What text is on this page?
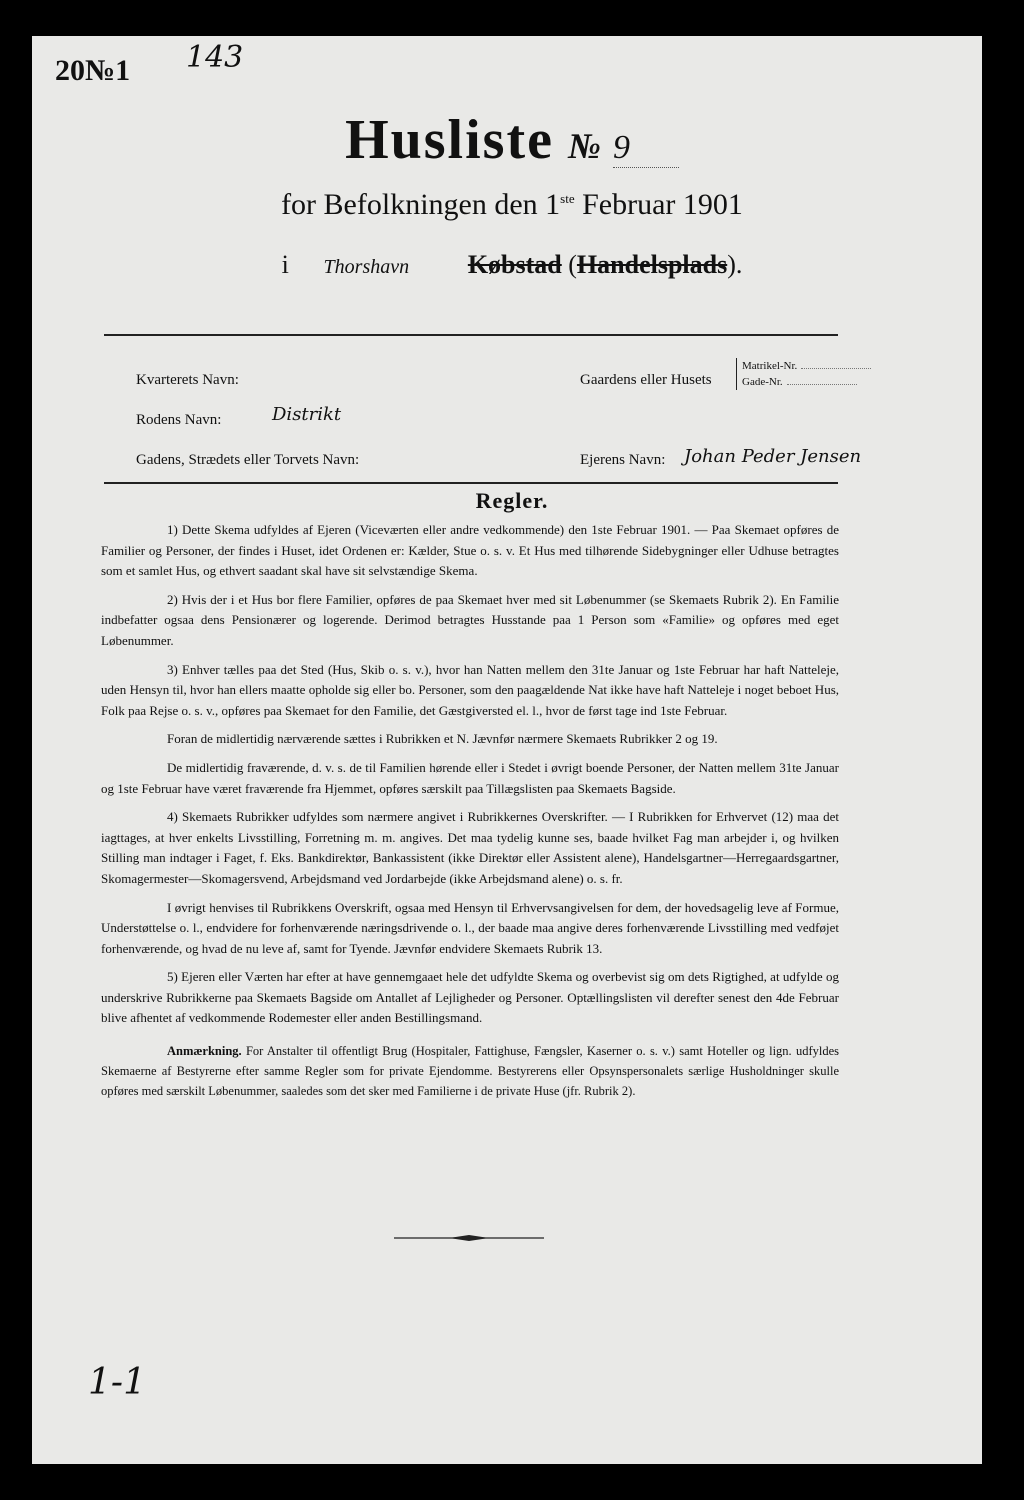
20№1 143
Husliste № 9
for Befolkningen den 1ste Februar 1901
i Thorshavn Købstad (Handelsplads).
Kvarterets Navn:
Rodens Navn:	Distrikt
Gadens, Strædets eller Torvets Navn:
Gaardens eller Husets
Matrikel-Nr.
Gade-Nr.
Ejerens Navn: Johan Peder Jensen
Regler.

1) Dette Skema udfyldes af Ejeren (Viceværten eller andre vedkommende) den 1ste Februar 1901. — Paa Skemaet opføres de Familier og Personer, der findes i Huset, idet Ordenen er: Kælder, Stue o. s. v. Et Hus med tilhørende Sidebygninger eller Udhuse betragtes som et samlet Hus, og ethvert saadant skal have sit selvstændige Skema.

2) Hvis der i et Hus bor flere Familier, opføres de paa Skemaet hver med sit Løbenummer (se Skemaets Rubrik 2). En Familie indbefatter ogsaa dens Pensionærer og logerende. Derimod betragtes Husstande paa 1 Person som «Familie» og opføres med eget Løbenummer.

3) Enhver tælles paa det Sted (Hus, Skib o. s. v.), hvor han Natten mellem den 31te Januar og 1ste Februar har haft Natteleje, uden Hensyn til, hvor han ellers maatte opholde sig eller bo. Personer, som den paagældende Nat ikke have haft Natteleje i noget beboet Hus, Folk paa Rejse o. s. v., opføres paa Skemaet for den Familie, det Gæstgiversted el. l., hvor de først tage ind 1ste Februar.

Foran de midlertidig nærværende sættes i Rubrikken et N. Jævnfør nærmere Skemaets Rubrikker 2 og 19.

De midlertidig fraværende, d. v. s. de til Familien hørende eller i Stedet i øvrigt boende Personer, der Natten mellem 31te Januar og 1ste Februar have været fraværende fra Hjemmet, opføres særskilt paa Tillægslisten paa Skemaets Bagside.

4) Skemaets Rubrikker udfyldes som nærmere angivet i Rubrikkernes Overskrifter. — I Rubrikken for Erhvervet (12) maa det iagttages, at hver enkelts Livsstilling, Forretning m. m. angives. Det maa tydelig kunne ses, baade hvilket Fag man arbejder i, og hvilken Stilling man indtager i Faget, f. Eks. Bankdirektør, Bankassistent (ikke Direktør eller Assistent alene), Handelsgartner—Herregaardsgartner, Skomagermester—Skomagersvend, Arbejdsmand ved Jordarbejde (ikke Arbejdsmand alene) o. s. fr.

I øvrigt henvises til Rubrikkens Overskrift, ogsaa med Hensyn til Erhvervsangivelsen for dem, der hovedsagelig leve af Formue, Understøttelse o. l., endvidere for forhenværende næringsdrivende o. l., der baade maa angive deres forhenværende Livsstilling med vedføjet forhenværende, og hvad de nu leve af, samt for Tyende. Jævnfør endvidere Skemaets Rubrik 13.

5) Ejeren eller Værten har efter at have gennemgaaet hele det udfyldte Skema og overbevist sig om dets Rigtighed, at udfylde og underskrive Rubrikkerne paa Skemaets Bagside om Antallet af Lejligheder og Personer. Optællingslisten vil derefter senest den 4de Februar blive afhentet af vedkommende Rodemester eller anden Bestillingsmand.

Anmærkning. For Anstalter til offentligt Brug (Hospitaler, Fattighuse, Fængsler, Kaserner o. s. v.) samt Hoteller og lign. udfyldes Skemaerne af Bestyrerne efter samme Regler som for private Ejendomme. Bestyrerens eller Opsynspersonalets særlige Husholdninger skulle opføres med særskilt Løbenummer, saaledes som det sker med Familierne i de private Huse (jfr. Rubrik 2).

1-1
